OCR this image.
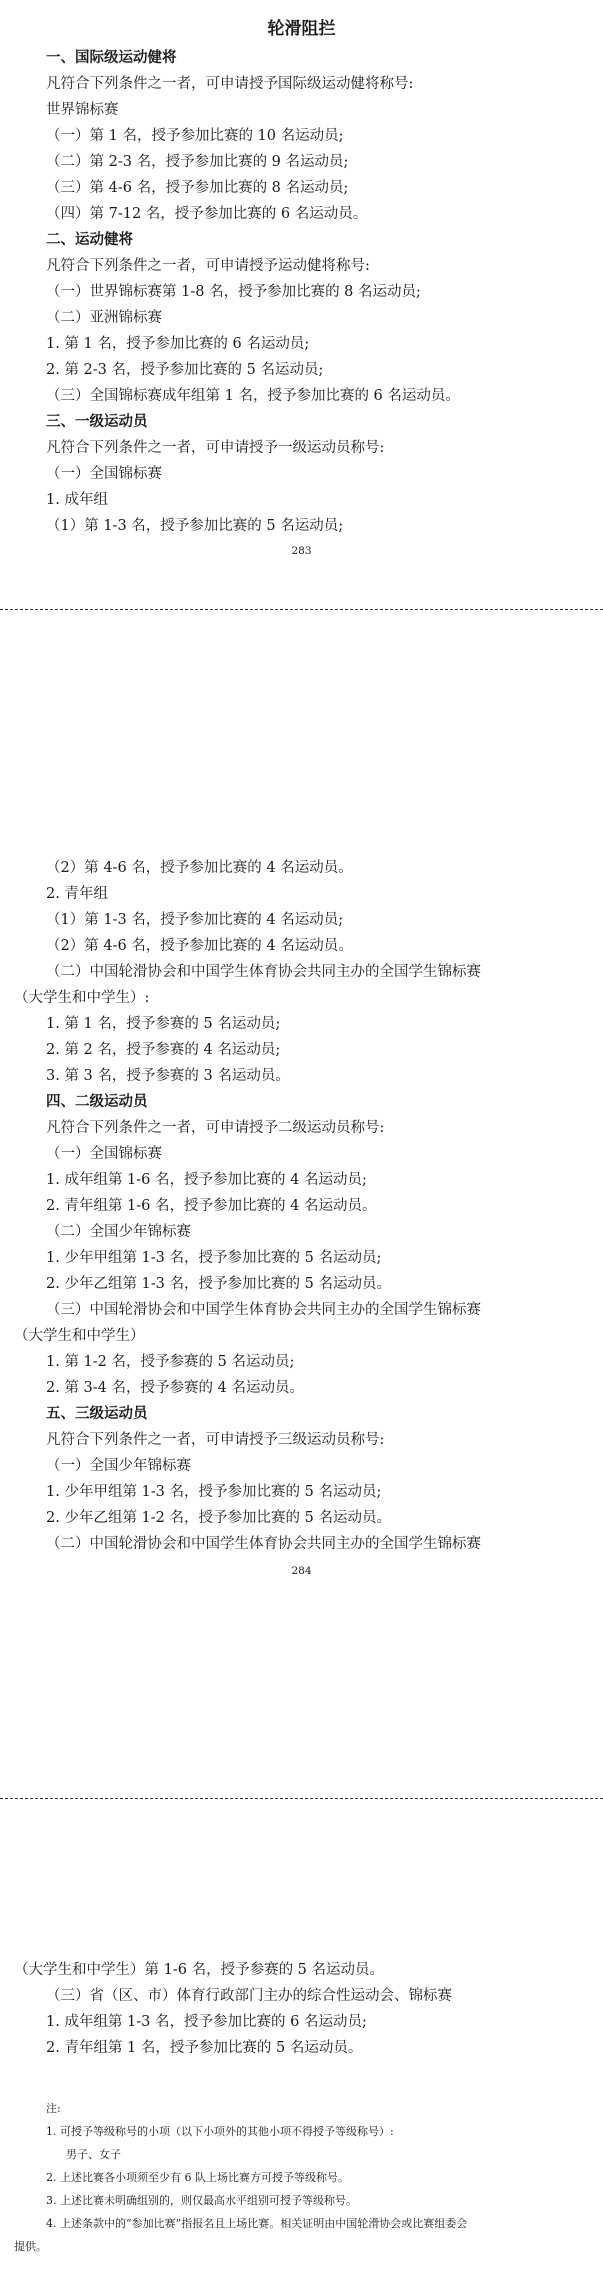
轮滑阻拦
一、国际级运动健将
凡符合下列条件之一者，可申请授予国际级运动健将称号:
世界锦标赛
（一）第 1 名，授予参加比赛的 10 名运动员;
（二）第 2-3 名，授予参加比赛的 9 名运动员;
（三）第 4-6 名，授予参加比赛的 8 名运动员;
（四）第 7-12 名，授予参加比赛的 6 名运动员。
二、运动健将
凡符合下列条件之一者，可申请授予运动健将称号:
（一）世界锦标赛第 1-8 名，授予参加比赛的 8 名运动员;
（二）亚洲锦标赛
1. 第 1 名，授予参加比赛的 6 名运动员;
2. 第 2-3 名，授予参加比赛的 5 名运动员;
（三）全国锦标赛成年组第 1 名，授予参加比赛的 6 名运动员。
三、一级运动员
凡符合下列条件之一者，可申请授予一级运动员称号:
（一）全国锦标赛
1. 成年组
（1）第 1-3 名，授予参加比赛的 5 名运动员;
283
（2）第 4-6 名，授予参加比赛的 4 名运动员。
2. 青年组
（1）第 1-3 名，授予参加比赛的 4 名运动员;
（2）第 4-6 名，授予参加比赛的 4 名运动员。
（二）中国轮滑协会和中国学生体育协会共同主办的全国学生锦标赛
（大学生和中学生）:
1. 第 1 名，授予参赛的 5 名运动员;
2. 第 2 名，授予参赛的 4 名运动员;
3. 第 3 名，授予参赛的 3 名运动员。
四、二级运动员
凡符合下列条件之一者，可申请授予二级运动员称号:
（一）全国锦标赛
1. 成年组第 1-6 名，授予参加比赛的 4 名运动员;
2. 青年组第 1-6 名，授予参加比赛的 4 名运动员。
（二）全国少年锦标赛
1. 少年甲组第 1-3 名，授予参加比赛的 5 名运动员;
2. 少年乙组第 1-3 名，授予参加比赛的 5 名运动员。
（三）中国轮滑协会和中国学生体育协会共同主办的全国学生锦标赛
（大学生和中学生）
1. 第 1-2 名，授予参赛的 5 名运动员;
2. 第 3-4 名，授予参赛的 4 名运动员。
五、三级运动员
凡符合下列条件之一者，可申请授予三级运动员称号:
（一）全国少年锦标赛
1. 少年甲组第 1-3 名，授予参加比赛的 5 名运动员;
2. 少年乙组第 1-2 名，授予参加比赛的 5 名运动员。
（二）中国轮滑协会和中国学生体育协会共同主办的全国学生锦标赛
284
（大学生和中学生）第 1-6 名，授予参赛的 5 名运动员。
（三）省（区、市）体育行政部门主办的综合性运动会、锦标赛
1. 成年组第 1-3 名，授予参加比赛的 6 名运动员;
2. 青年组第 1 名，授予参加比赛的 5 名运动员。
注:
1. 可授予等级称号的小项（以下小项外的其他小项不得授予等级称号）:
男子、女子
2. 上述比赛各小项须至少有 6 队上场比赛方可授予等级称号。
3. 上述比赛未明确组别的，则仅最高水平组别可授予等级称号。
4. 上述条款中的“参加比赛”指报名且上场比赛。相关证明由中国轮滑协会或比赛组委会
提供。
